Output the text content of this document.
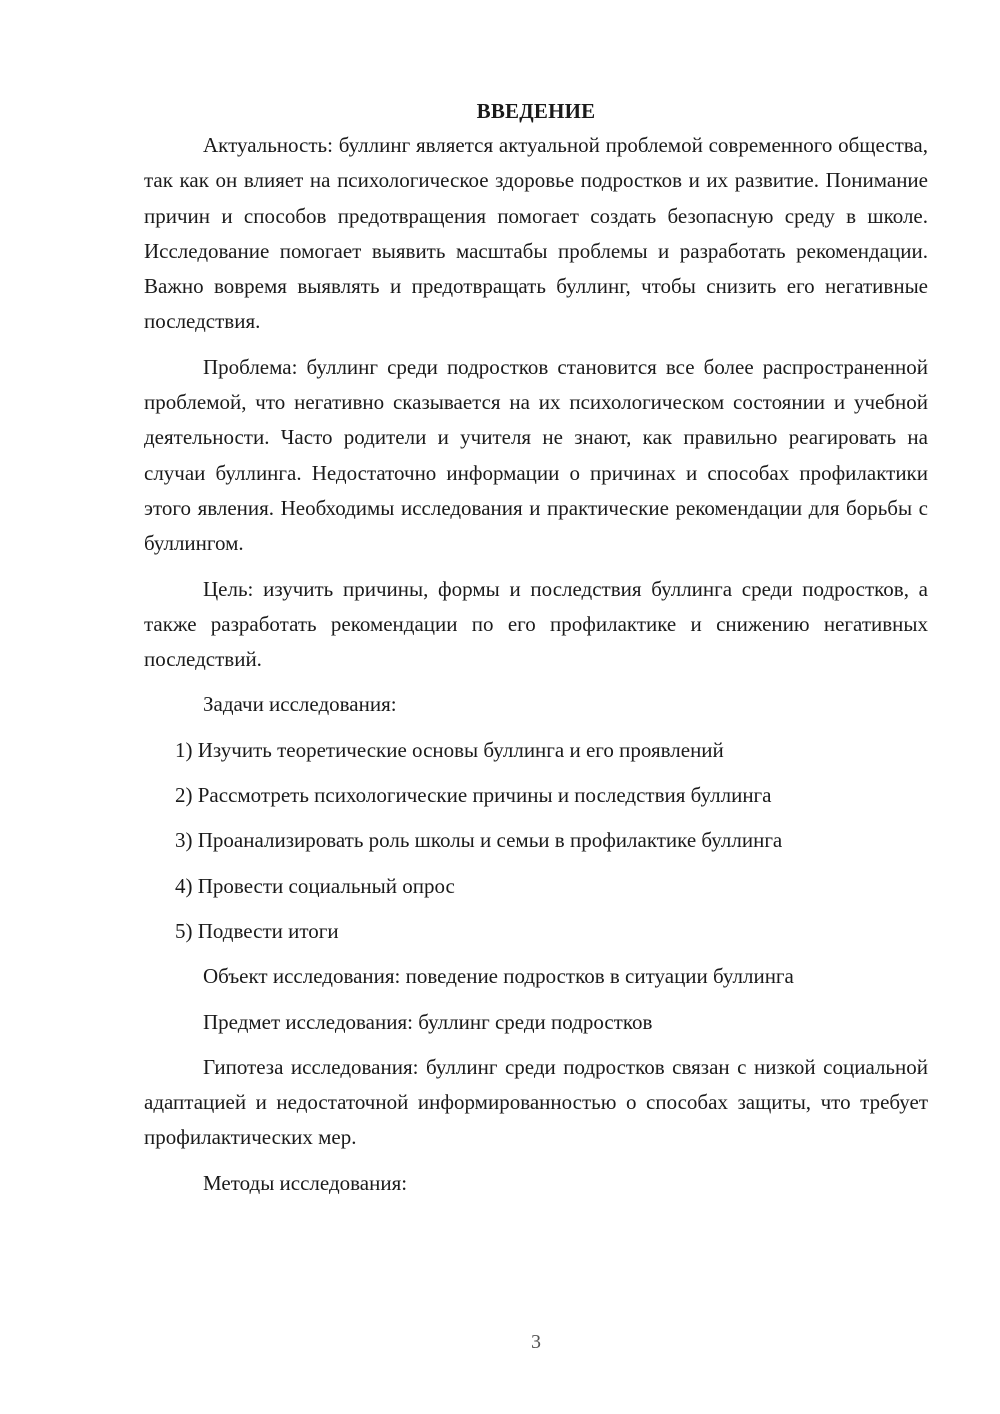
ВВЕДЕНИЕ

Актуальность: буллинг является актуальной проблемой современного общества, так как он влияет на психологическое здоровье подростков и их развитие. Понимание причин и способов предотвращения помогает создать безопасную среду в школе. Исследование помогает выявить масштабы проблемы и разработать рекомендации. Важно вовремя выявлять и предотвращать буллинг, чтобы снизить его негативные последствия.

Проблема: буллинг среди подростков становится все более распространенной проблемой, что негативно сказывается на их психологическом состоянии и учебной деятельности. Часто родители и учителя не знают, как правильно реагировать на случаи буллинга. Недостаточно информации о причинах и способах профилактики этого явления. Необходимы исследования и практические рекомендации для борьбы с буллингом.

Цель: изучить причины, формы и последствия буллинга среди подростков, а также разработать рекомендации по его профилактике и снижению негативных последствий.

Задачи исследования:

1) Изучить теоретические основы буллинга и его проявлений
2) Рассмотреть психологические причины и последствия буллинга
3) Проанализировать роль школы и семьи в профилактике буллинга
4) Провести социальный опрос
5) Подвести итоги

Объект исследования: поведение подростков в ситуации буллинга

Предмет исследования: буллинг среди подростков

Гипотеза исследования: буллинг среди подростков связан с низкой социальной адаптацией и недостаточной информированностью о способах защиты, что требует профилактических мер.

Методы исследования:

3
